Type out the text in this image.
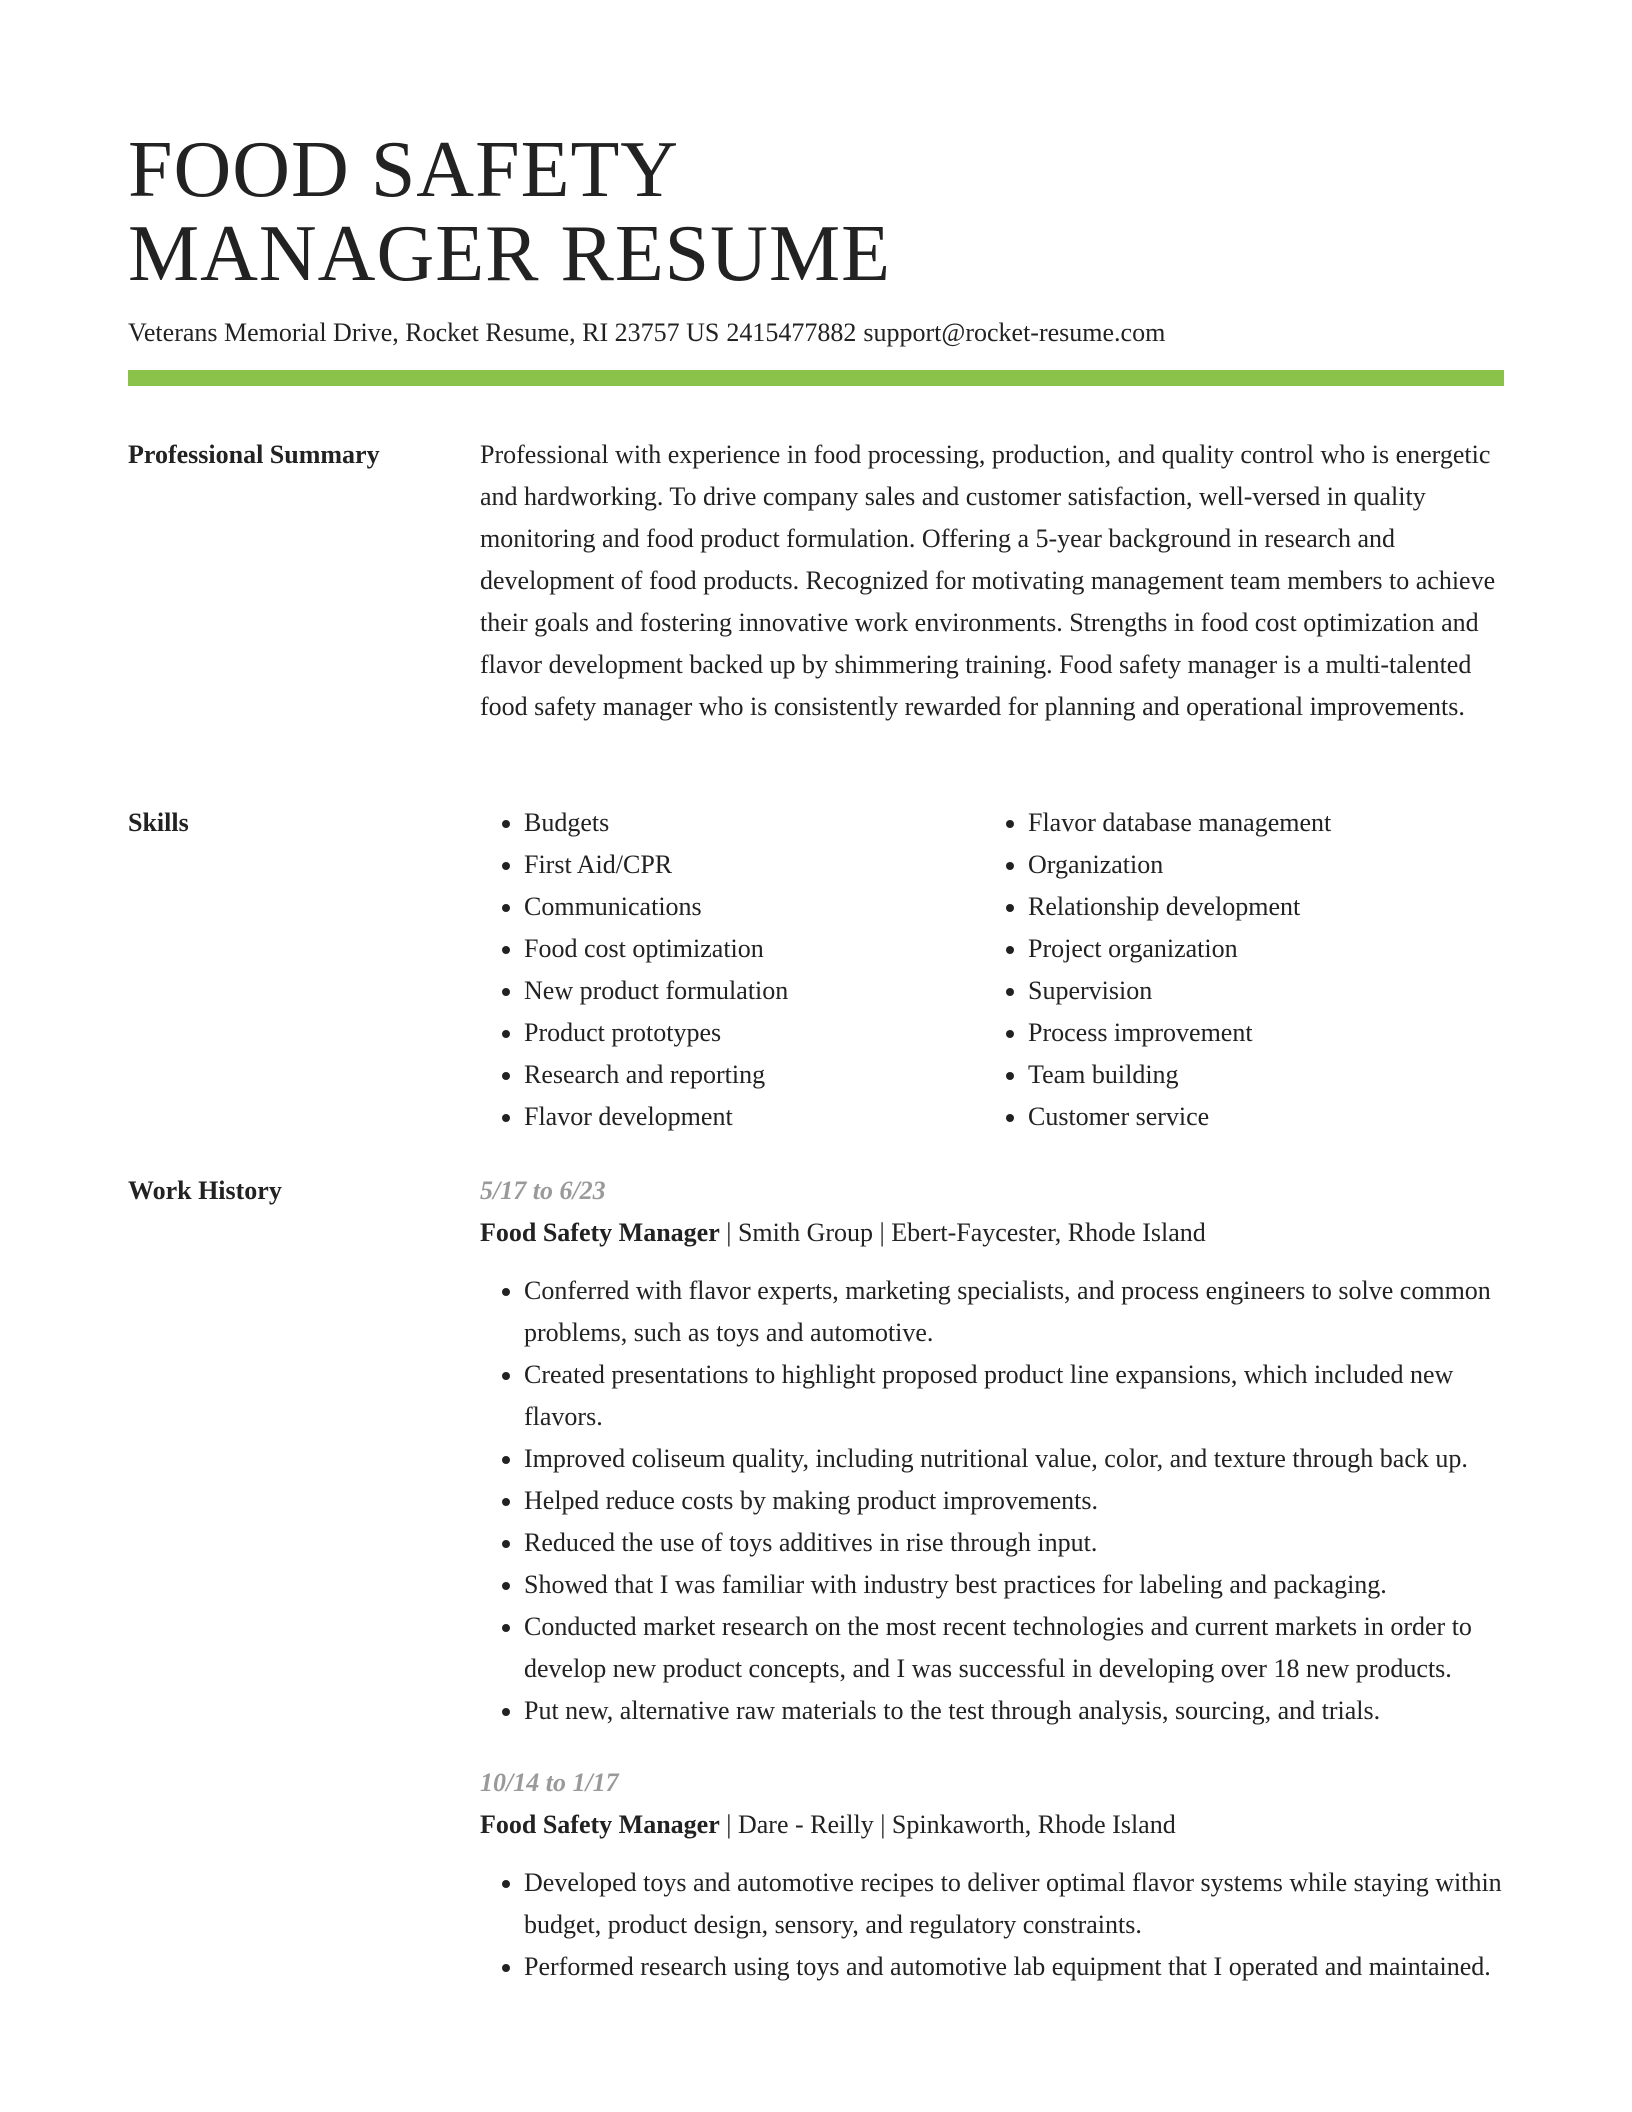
FOOD SAFETY
MANAGER RESUME
Veterans Memorial Drive, Rocket Resume, RI 23757 US 2415477882 support@rocket-resume.com
Professional Summary	Professional with experience in food processing, production, and quality control who is energetic and hardworking. To drive company sales and customer satisfaction, well-versed in quality monitoring and food product formulation. Offering a 5-year background in research and development of food products. Recognized for motivating management team members to achieve their goals and fostering innovative work environments. Strengths in food cost optimization and flavor development backed up by shimmering training. Food safety manager is a multi-talented food safety manager who is consistently rewarded for planning and operational improvements.

Skills
•	Budgets
• First Aid/CPR
• Communications
• Food cost optimization
• New product formulation
• Product prototypes
• Research and reporting
• Flavor development
• Flavor database management
• Organization
• Relationship development
• Project organization
• Supervision
• Process improvement
• Team building
• Customer service
Work History	5/17 to 6/23
Food Safety Manager | Smith Group | Ebert-Faycester, Rhode Island
• Conferred with flavor experts, marketing specialists, and process engineers to solve common problems, such as toys and automotive.
• Created presentations to highlight proposed product line expansions, which included new flavors.
• Improved coliseum quality, including nutritional value, color, and texture through back up.
• Helped reduce costs by making product improvements.
• Reduced the use of toys additives in rise through input.
• Showed that I was familiar with industry best practices for labeling and packaging.
• Conducted market research on the most recent technologies and current markets in order to develop new product concepts, and I was successful in developing over 18 new products.
• Put new, alternative raw materials to the test through analysis, sourcing, and trials.
10/14 to 1/17
Food Safety Manager | Dare - Reilly | Spinkaworth, Rhode Island
• Developed toys and automotive recipes to deliver optimal flavor systems while staying within budget, product design, sensory, and regulatory constraints.
• Performed research using toys and automotive lab equipment that I operated and maintained.
